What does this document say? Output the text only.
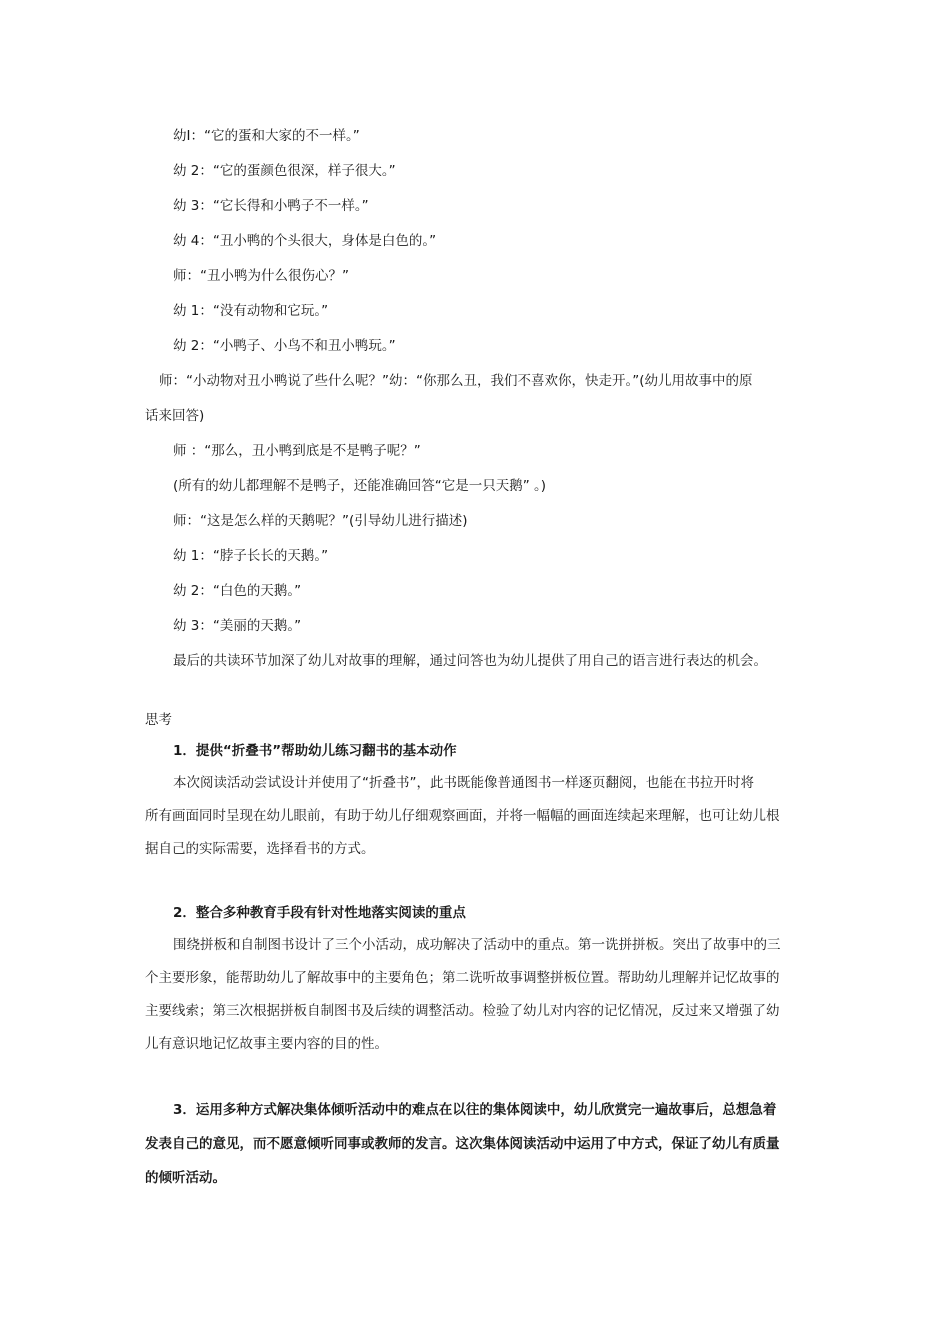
幼I：“它的蛋和大家的不一样。”

幼 2：“它的蛋颜色很深，样子很大。”

幼 3：“它长得和小鸭子不一样。”

幼 4：“丑小鸭的个头很大，身体是白色的。”

师：“丑小鸭为什么很伤心？”

幼 1：“没有动物和它玩。”

幼 2：“小鸭子、小鸟不和丑小鸭玩。”

师：“小动物对丑小鸭说了些什么呢？”幼：“你那么丑，我们不喜欢你，快走开。”(幼儿用故事中的原

话来回答)

师 ：“那么，丑小鸭到底是不是鸭子呢？”

(所有的幼儿都理解不是鸭子，还能准确回答“它是一只天鹅” 。)

师：“这是怎么样的天鹅呢？”(引导幼儿进行描述)

幼 1：“脖子长长的天鹅。”

幼 2：“白色的天鹅。”

幼 3：“美丽的天鹅。”

最后的共读环节加深了幼儿对故事的理解，通过问答也为幼儿提供了用自己的语言进行表达的机会。

思考

1．提供“折叠书”帮助幼儿练习翻书的基本动作

本次阅读活动尝试设计并使用了“折叠书”，此书既能像普通图书一样逐页翻阅，也能在书拉开时将

所有画面同时呈现在幼儿眼前，有助于幼儿仔细观察画面，并将一幅幅的画面连续起来理解，也可让幼儿根

据自己的实际需要，选择看书的方式。

2．整合多种教育手段有针对性地落实阅读的重点

围绕拼板和自制图书设计了三个小活动，成功解决了活动中的重点。第一诜拼拼板。突出了故事中的三

个主要形象，能帮助幼儿了解故事中的主要角色；第二诜听故事调整拼板位置。帮助幼儿理解并记忆故事的

主要线索；第三次根据拼板自制图书及后续的调整活动。检验了幼儿对内容的记忆情况，反过来又增强了幼

儿有意识地记忆故事主要内容的目的性。

3．运用多种方式解决集体倾听活动中的难点在以往的集体阅读中，幼儿欣赏完一遍故事后，总想急着

发表自己的意见，而不愿意倾听同事或教师的发言。这次集体阅读活动中运用了中方式，保证了幼儿有质量

的倾听活动。
